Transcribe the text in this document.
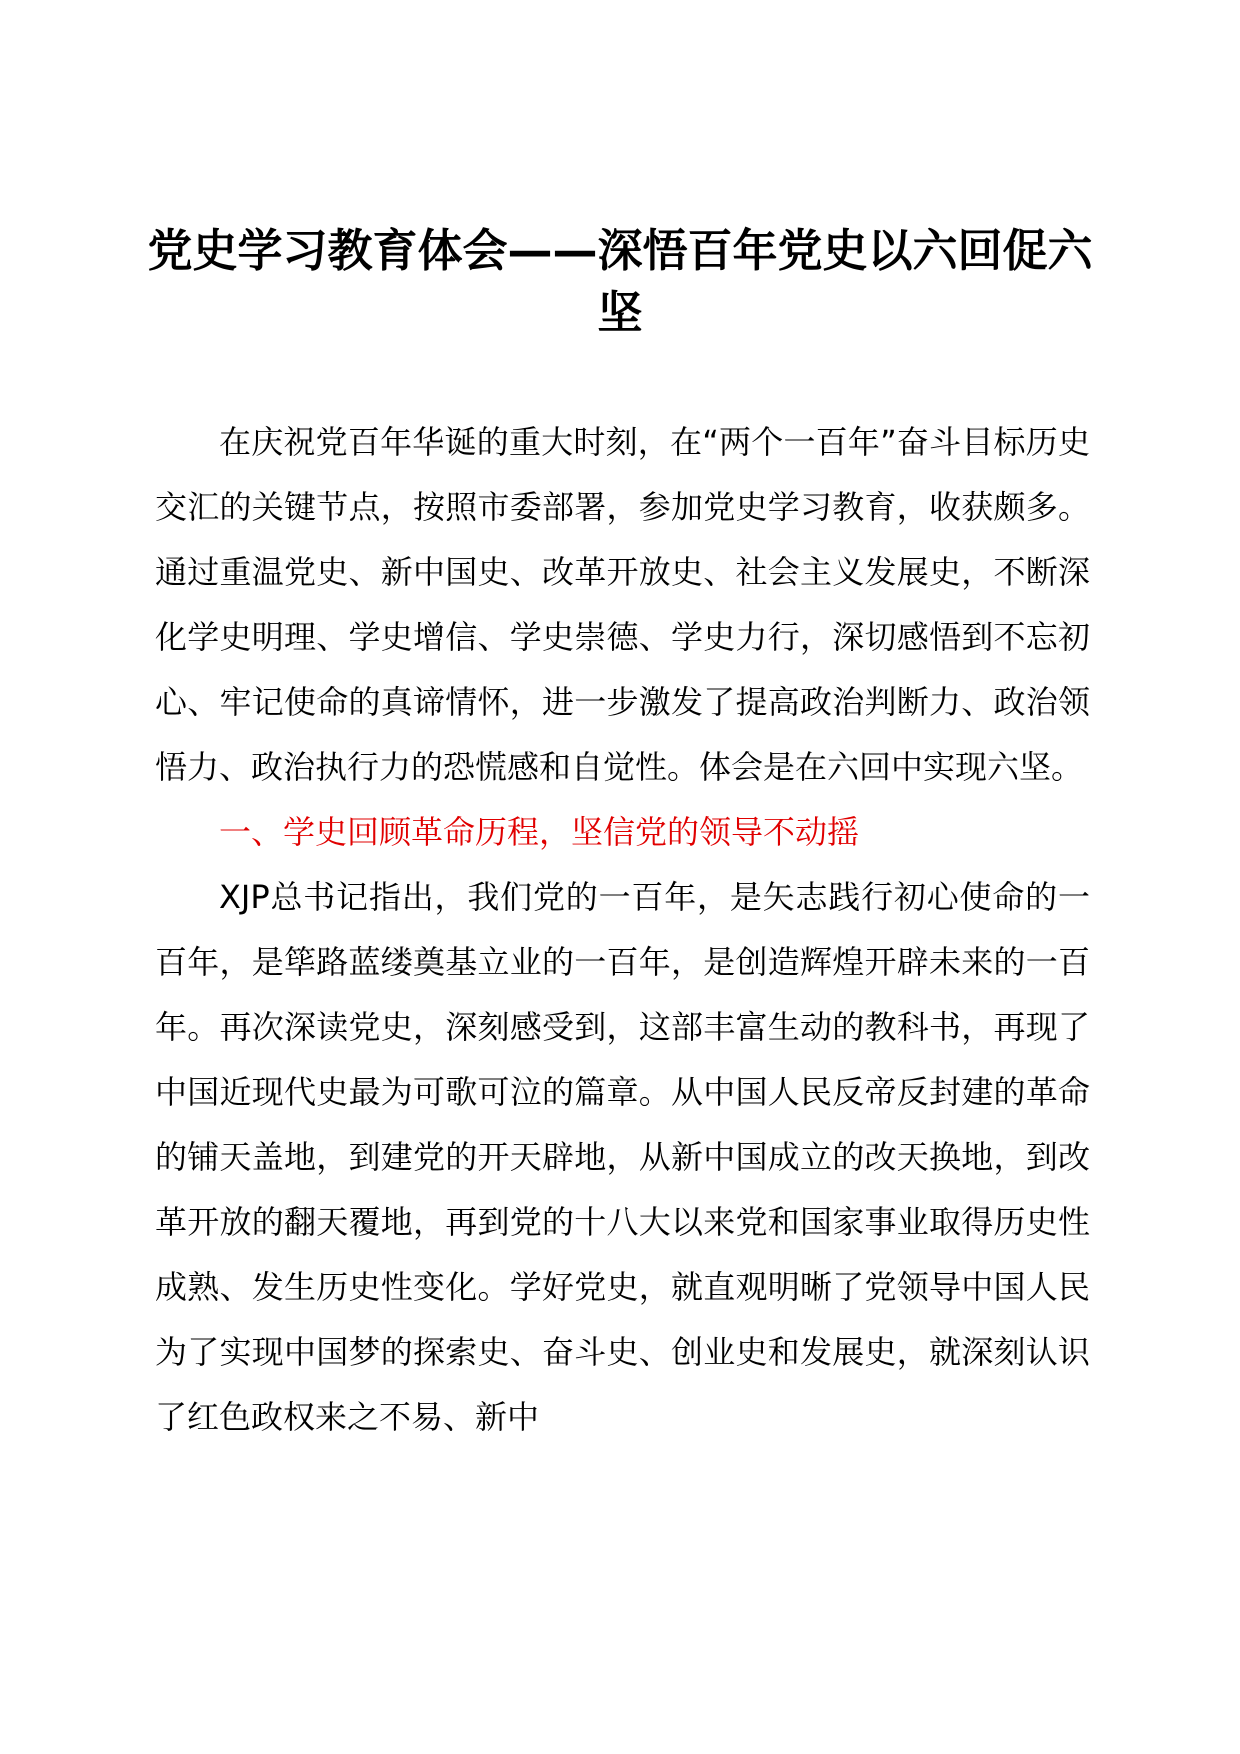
党史学习教育体会——深悟百年党史以六回促六坚

在庆祝党百年华诞的重大时刻，在“两个一百年”奋斗目标历史交汇的关键节点，按照市委部署，参加党史学习教育，收获颇多。通过重温党史、新中国史、改革开放史、社会主义发展史，不断深化学史明理、学史增信、学史崇德、学史力行，深切感悟到不忘初心、牢记使命的真谛情怀，进一步激发了提高政治判断力、政治领悟力、政治执行力的恐慌感和自觉性。体会是在六回中实现六坚。

一、学史回顾革命历程，坚信党的领导不动摇

XJP总书记指出，我们党的一百年，是矢志践行初心使命的一百年，是筚路蓝缕奠基立业的一百年，是创造辉煌开辟未来的一百年。再次深读党史，深刻感受到，这部丰富生动的教科书，再现了中国近现代史最为可歌可泣的篇章。从中国人民反帝反封建的革命的铺天盖地，到建党的开天辟地，从新中国成立的改天换地，到改革开放的翻天覆地，再到党的十八大以来党和国家事业取得历史性成熟、发生历史性变化。学好党史，就直观明晰了党领导中国人民为了实现中国梦的探索史、奋斗史、创业史和发展史，就深刻认识了红色政权来之不易、新中
